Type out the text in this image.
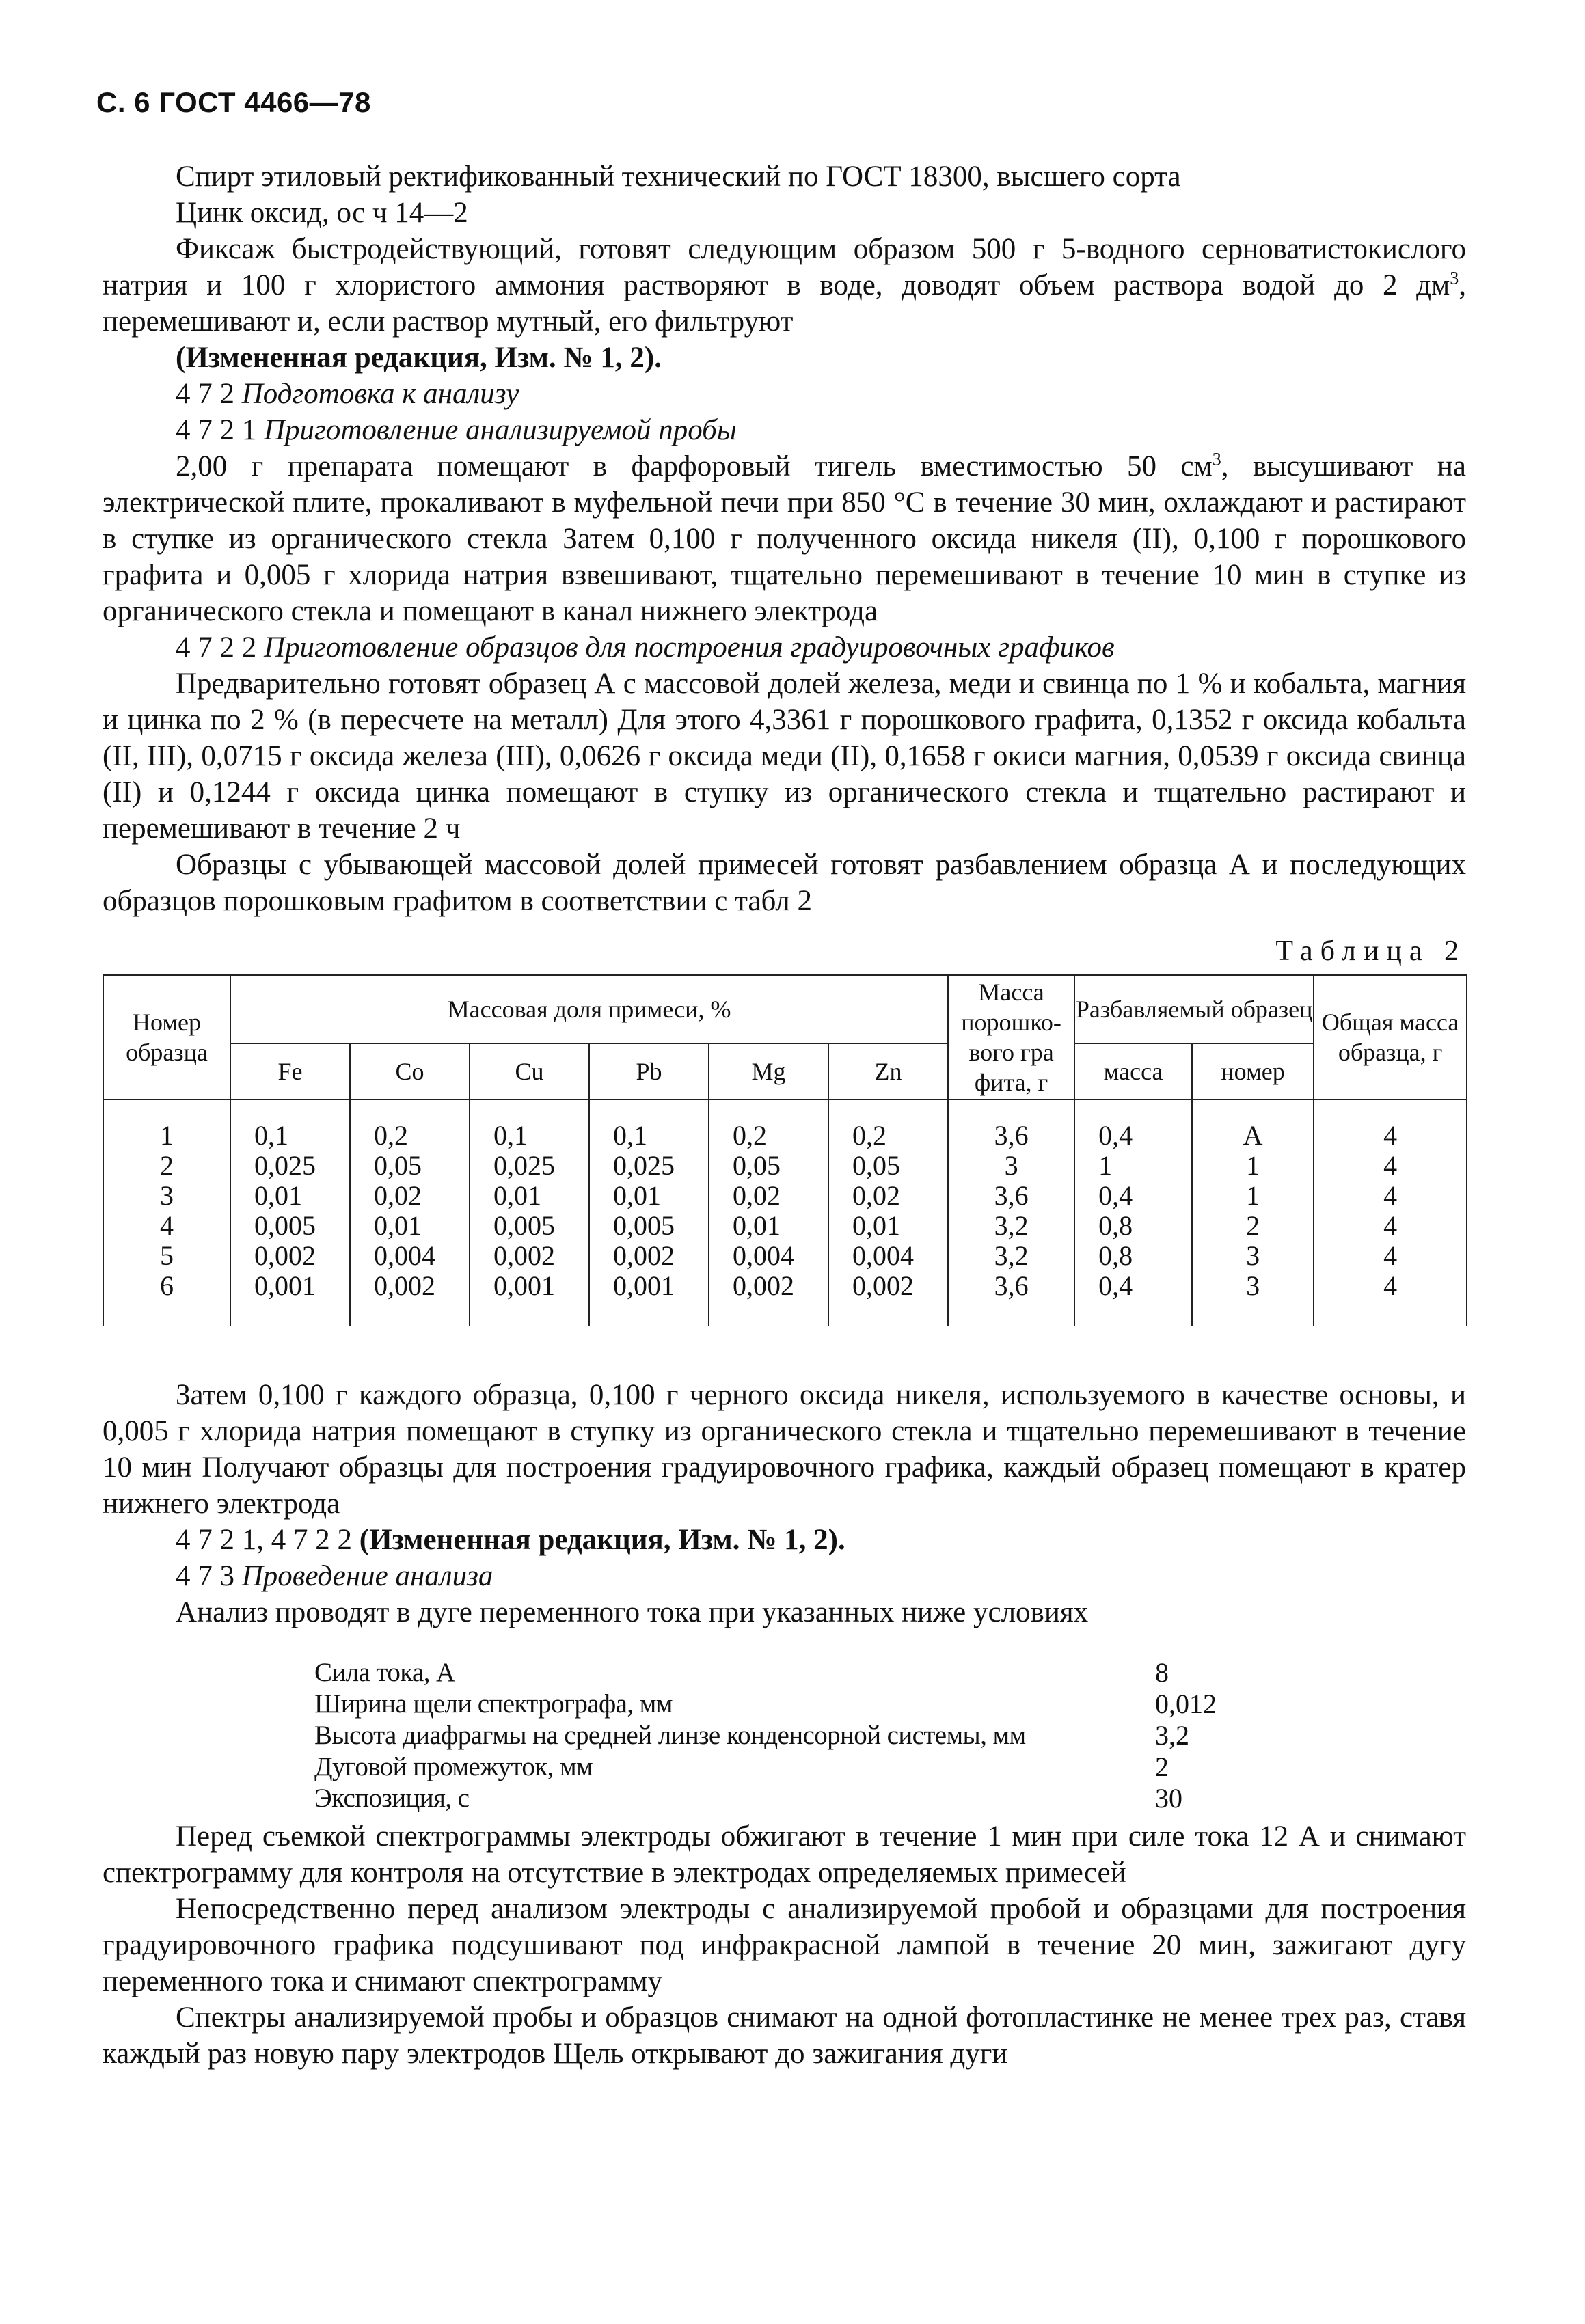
С. 6 ГОСТ 4466—78

Спирт этиловый ректификованный технический по ГОСТ 18300, высшего сорта

Цинк оксид, ос ч 14—2

Фиксаж быстродействующий, готовят следующим образом 500 г 5-водного серноватистокислого натрия и 100 г хлористого аммония растворяют в воде, доводят объем раствора водой до 2 $дм^3$, перемешивают и, если раствор мутный, его фильтруют

(Измененная редакция, Изм. № 1, 2).

4 7 2 Подготовка к анализу

4 7 2 1 Приготовление анализируемой пробы

2,00 г препарата помещают в фарфоровый тигель вместимостью 50 $см^3$, высушивают на электрической плите, прокаливают в муфельной печи при 850 °С в течение 30 мин, охлаждают и растирают в ступке из органического стекла Затем 0,100 г полученного оксида никеля (II), 0,100 г порошкового графита и 0,005 г хлорида натрия взвешивают, тщательно перемешивают в течение 10 мин в ступке из органического стекла и помещают в канал нижнего электрода

4 7 2 2 Приготовление образцов для построения градуировочных графиков

Предварительно готовят образец А с массовой долей железа, меди и свинца по 1 % и кобальта, магния и цинка по 2 % (в пересчете на металл) Для этого 4,3361 г порошкового графита, 0,1352 г оксида кобальта (II, III), 0,0715 г оксида железа (III), 0,0626 г оксида меди (II), 0,1658 г окиси магния, 0,0539 г оксида свинца (II) и 0,1244 г оксида цинка помещают в ступку из органического стекла и тщательно растирают и перемешивают в течение 2 ч

Образцы с убывающей массовой долей примесей готовят разбавлением образца А и последующих образцов порошковым графитом в соответствии с табл 2

Таблица 2
Номер образца	Массовая доля примеси, %						Масса порошко- вого гра фита, г	Разбавляемый образец		Общая масса образца, г
	Fe	Co	Cu	Pb	Mg	Zn		масса	номер	
1	0,1	0,2	0,1	0,1	0,2	0,2	3,6	0,4	А	4
2	0,025	0,05	0,025	0,025	0,05	0,05	3	1	1	4
3	0,01	0,02	0,01	0,01	0,02	0,02	3,6	0,4	1	4
4	0,005	0,01	0,005	0,005	0,01	0,01	3,2	0,8	2	4
5	0,002	0,004	0,002	0,002	0,004	0,004	3,2	0,8	3	4
6	0,001	0,002	0,001	0,001	0,002	0,002	3,6	0,4	3	4

Затем 0,100 г каждого образца, 0,100 г черного оксида никеля, используемого в качестве основы, и 0,005 г хлорида натрия помещают в ступку из органического стекла и тщательно перемешивают в течение 10 мин Получают образцы для построения градуировочного графика, каждый образец помещают в кратер нижнего электрода

4 7 2 1, 4 7 2 2 (Измененная редакция, Изм. № 1, 2).

4 7 3 Проведение анализа

Анализ проводят в дуге переменного тока при указанных ниже условиях

Сила тока, А	8
Ширина щели спектрографа, мм	0,012
Высота диафрагмы на средней линзе конденсорной системы, мм	3,2
Дуговой промежуток, мм	2
Экспозиция, с	30

Перед съемкой спектрограммы электроды обжигают в течение 1 мин при силе тока 12 А и снимают спектрограмму для контроля на отсутствие в электродах определяемых примесей

Непосредственно перед анализом электроды с анализируемой пробой и образцами для построения градуировочного графика подсушивают под инфракрасной лампой в течение 20 мин, зажигают дугу переменного тока и снимают спектрограмму

Спектры анализируемой пробы и образцов снимают на одной фотопластинке не менее трех раз, ставя каждый раз новую пару электродов Щель открывают до зажигания дуги
